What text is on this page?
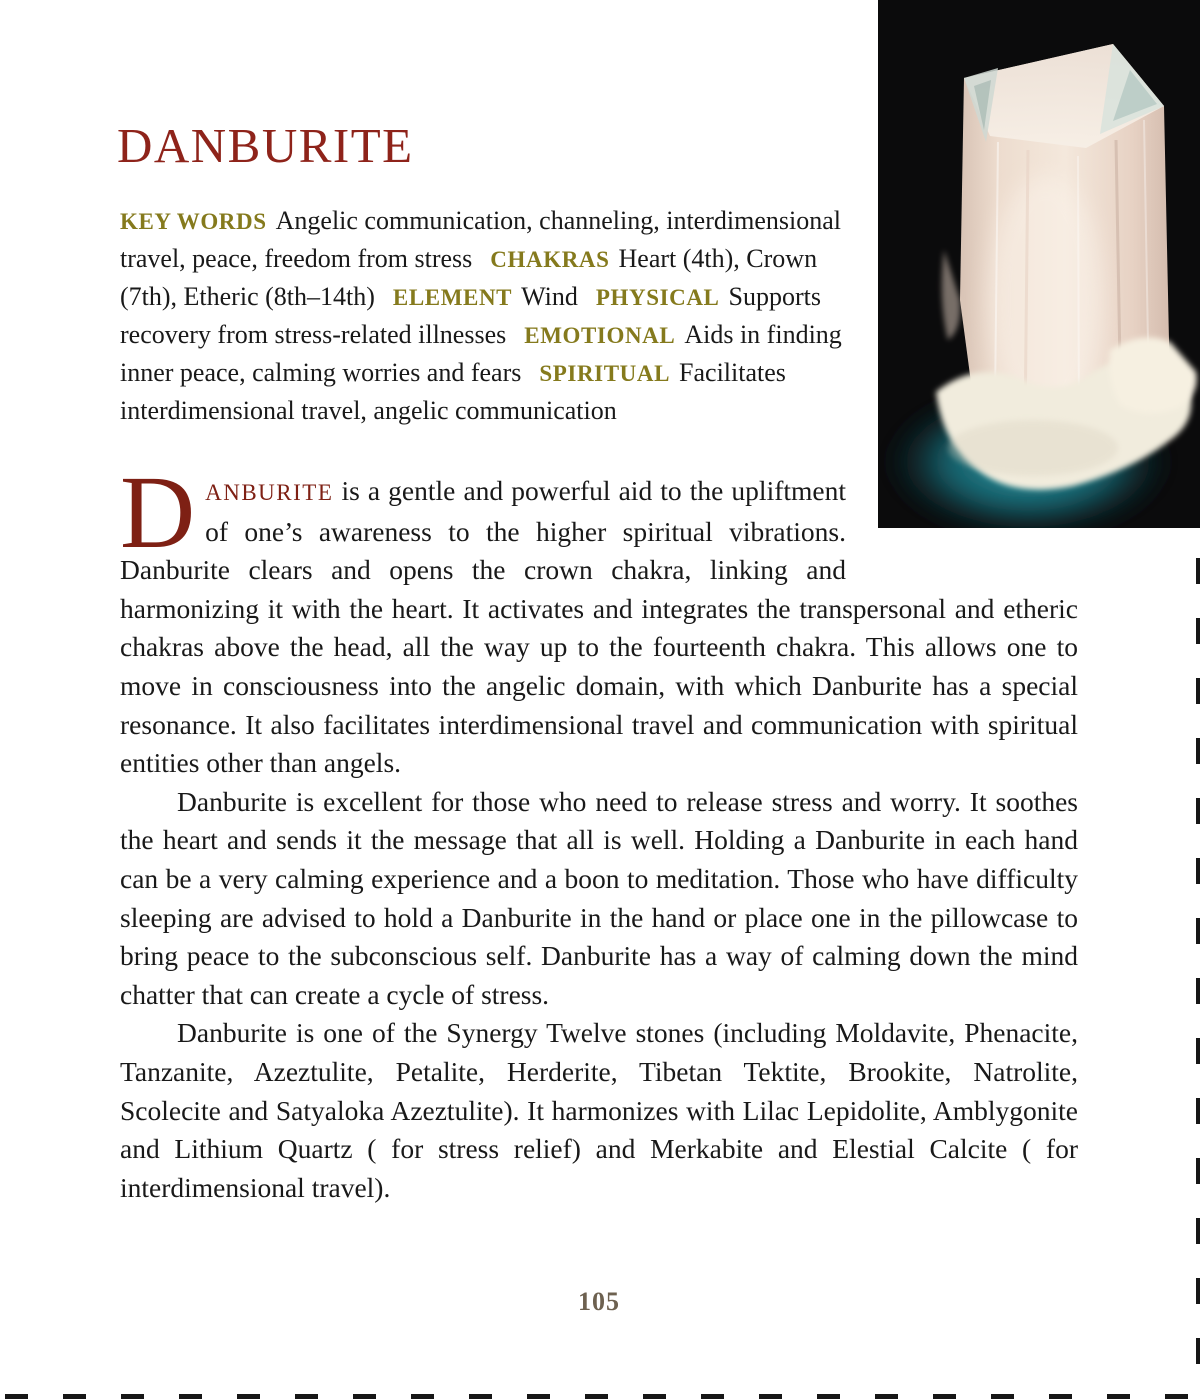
DANBURITE

KEY WORDS Angelic communication, channeling, interdimensional travel, peace, freedom from stress CHAKRAS Heart (4th), Crown (7th), Etheric (8th–14th) ELEMENT Wind PHYSICAL Supports recovery from stress-related illnesses EMOTIONAL Aids in finding inner peace, calming worries and fears SPIRITUAL Facilitates interdimensional travel, angelic communication

DANBURITE is a gentle and powerful aid to the upliftment of one’s awareness to the higher spiritual vibrations. Danburite clears and opens the crown chakra, linking and harmonizing it with the heart. It activates and integrates the transpersonal and etheric chakras above the head, all the way up to the fourteenth chakra. This allows one to move in consciousness into the angelic domain, with which Danburite has a special resonance. It also facilitates interdimensional travel and communication with spiritual entities other than angels.

Danburite is excellent for those who need to release stress and worry. It soothes the heart and sends it the message that all is well. Holding a Danburite in each hand can be a very calming experience and a boon to meditation. Those who have difficulty sleeping are advised to hold a Danburite in the hand or place one in the pillowcase to bring peace to the subconscious self. Danburite has a way of calming down the mind chatter that can create a cycle of stress.

Danburite is one of the Synergy Twelve stones (including Moldavite, Phenacite, Tanzanite, Azeztulite, Petalite, Herderite, Tibetan Tektite, Brookite, Natrolite, Scolecite and Satyaloka Azeztulite). It harmonizes with Lilac Lepidolite, Amblygonite and Lithium Quartz ( for stress relief) and Merkabite and Elestial Calcite ( for interdimensional travel).

105
